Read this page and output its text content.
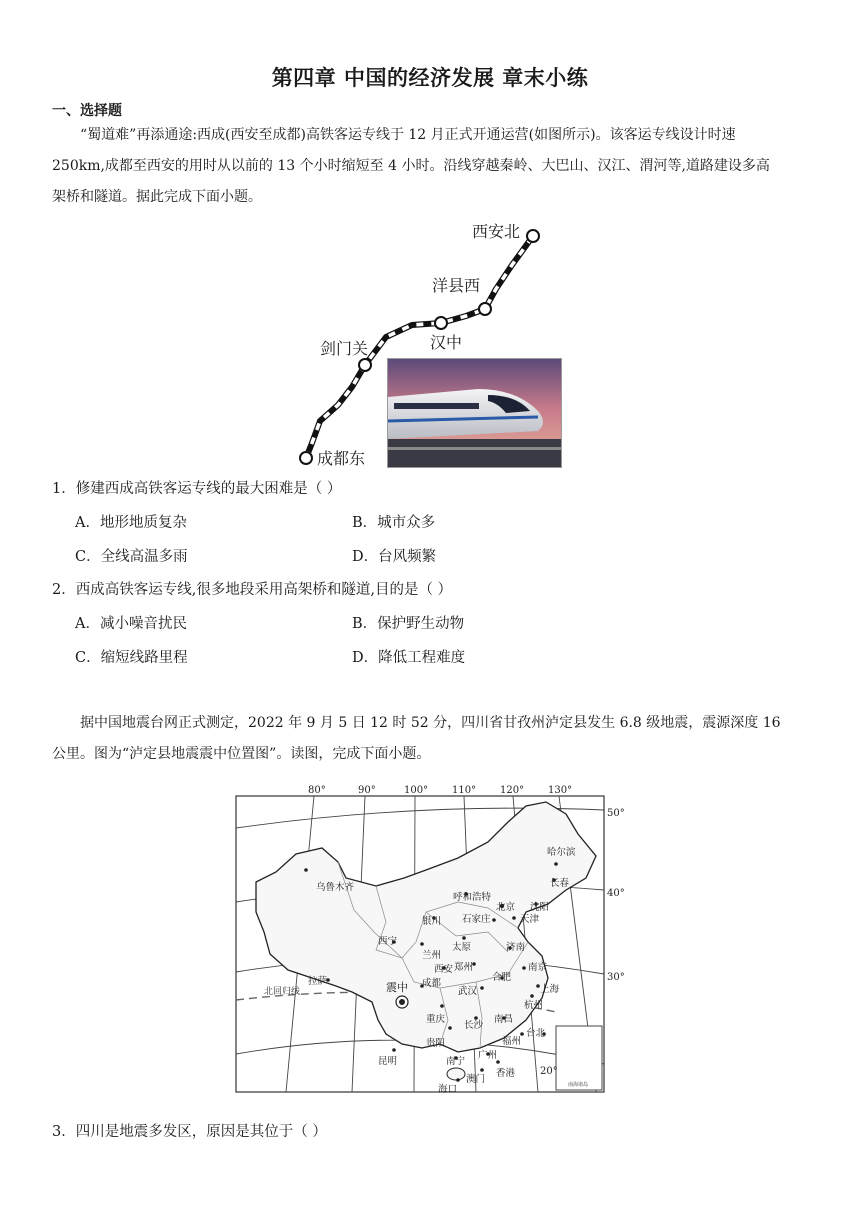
第四章 中国的经济发展 章末小练
一、选择题
“蜀道难”再添通途:西成(西安至成都)高铁客运专线于 12 月正式开通运营(如图所示)。该客运专线设计时速
250km,成都至西安的用时从以前的 13 个小时缩短至 4 小时。沿线穿越秦岭、大巴山、汉江、渭河等,道路建设多高
架桥和隧道。据此完成下面小题。
西安北
洋县西
汉中
剑门关
成都东
1．修建西成高铁客运专线的最大困难是（ ）
A．地形地质复杂	B．城市众多
C．全线高温多雨	D．台风频繁
2．西成高铁客运专线,很多地段采用高架桥和隧道,目的是（ ）
A．减小噪音扰民	B．保护野生动物
C．缩短线路里程	D．降低工程难度
据中国地震台网正式测定，2022 年 9 月 5 日 12 时 52 分，四川省甘孜州泸定县发生 6.8 级地震，震源深度 16
公里。图为“泸定县地震震中位置图”。读图，完成下面小题。
南海诸岛
80°	90°	100° 110° 120° 130°
50°
40°
30°
20°
北回归线	震中
哈尔滨
长春
乌鲁木齐
呼和浩特
北京 沈阳
天津
石家庄
银川
太原	济南
西宁
兰州
郑州	南京
西安
合肥
上海
拉萨	成都
武汉
杭州
重庆
长沙
南昌
贵阳	福州
昆明	南宁
广州
香港
澳门
海口
台北
3．四川是地震多发区，原因是其位于（ ）
